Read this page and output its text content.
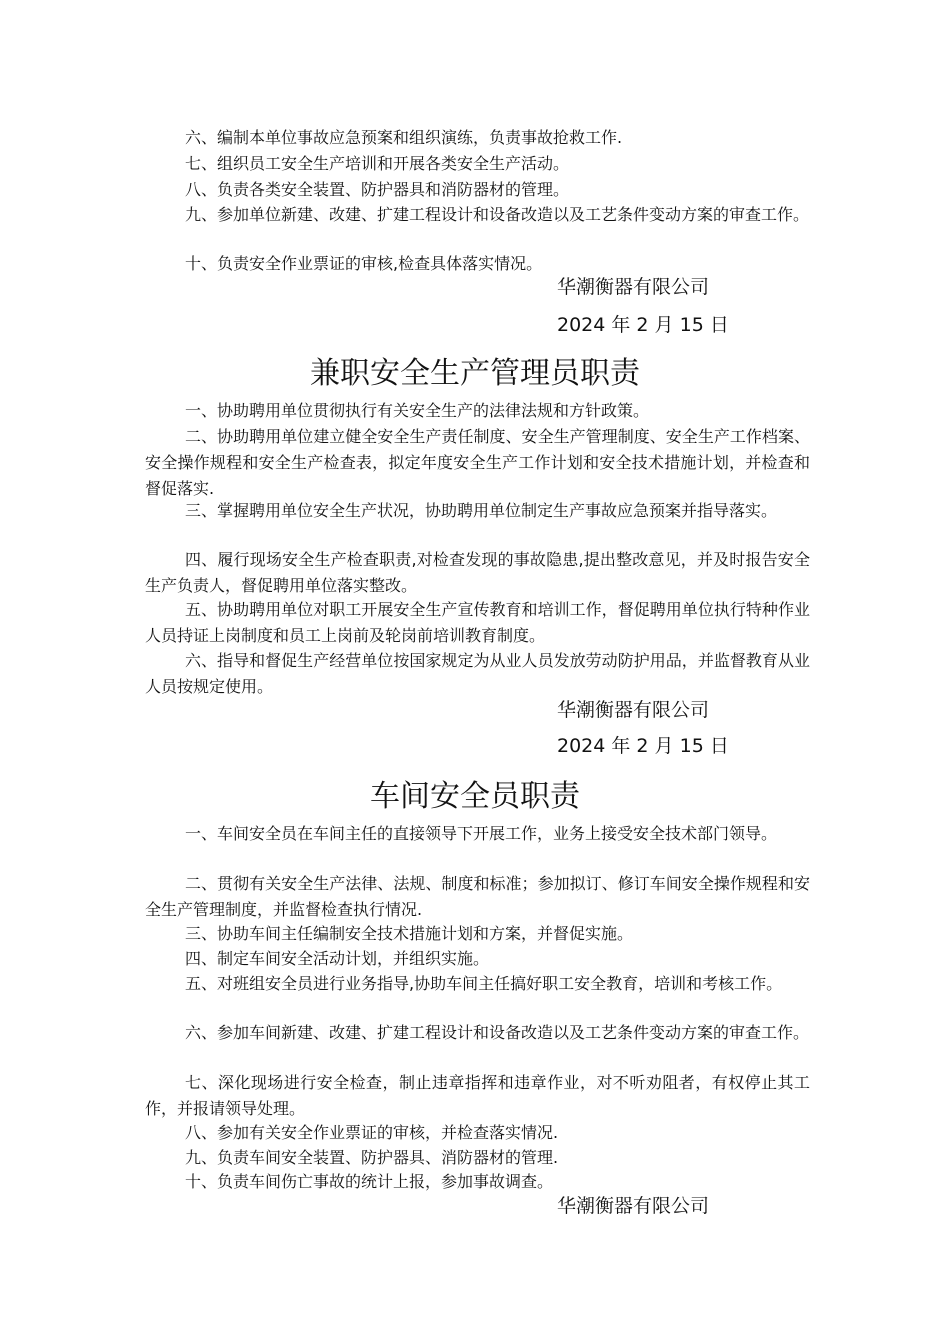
六、编制本单位事故应急预案和组织演练，负责事故抢救工作.

七、组织员工安全生产培训和开展各类安全生产活动。

八、负责各类安全装置、防护器具和消防器材的管理。

九、参加单位新建、改建、扩建工程设计和设备改造以及工艺条件变动方案的审查工作。

十、负责安全作业票证的审核,检查具体落实情况。

华潮衡器有限公司

2024 年 2 月 15 日

兼职安全生产管理员职责

一、协助聘用单位贯彻执行有关安全生产的法律法规和方针政策。

二、协助聘用单位建立健全安全生产责任制度、安全生产管理制度、安全生产工作档案、安全操作规程和安全生产检查表，拟定年度安全生产工作计划和安全技术措施计划，并检查和督促落实.

三、掌握聘用单位安全生产状况，协助聘用单位制定生产事故应急预案并指导落实。

四、履行现场安全生产检查职责,对检查发现的事故隐患,提出整改意见，并及时报告安全生产负责人，督促聘用单位落实整改。

五、协助聘用单位对职工开展安全生产宣传教育和培训工作，督促聘用单位执行特种作业人员持证上岗制度和员工上岗前及轮岗前培训教育制度。

六、指导和督促生产经营单位按国家规定为从业人员发放劳动防护用品，并监督教育从业人员按规定使用。

华潮衡器有限公司

2024 年 2 月 15 日

车间安全员职责

一、车间安全员在车间主任的直接领导下开展工作，业务上接受安全技术部门领导。

二、贯彻有关安全生产法律、法规、制度和标准；参加拟订、修订车间安全操作规程和安全生产管理制度，并监督检查执行情况.

三、协助车间主任编制安全技术措施计划和方案，并督促实施。

四、制定车间安全活动计划，并组织实施。

五、对班组安全员进行业务指导,协助车间主任搞好职工安全教育，培训和考核工作。

六、参加车间新建、改建、扩建工程设计和设备改造以及工艺条件变动方案的审查工作。

七、深化现场进行安全检查，制止违章指挥和违章作业，对不听劝阻者，有权停止其工作，并报请领导处理。

八、参加有关安全作业票证的审核，并检查落实情况.

九、负责车间安全装置、防护器具、消防器材的管理.

十、负责车间伤亡事故的统计上报，参加事故调查。

华潮衡器有限公司
